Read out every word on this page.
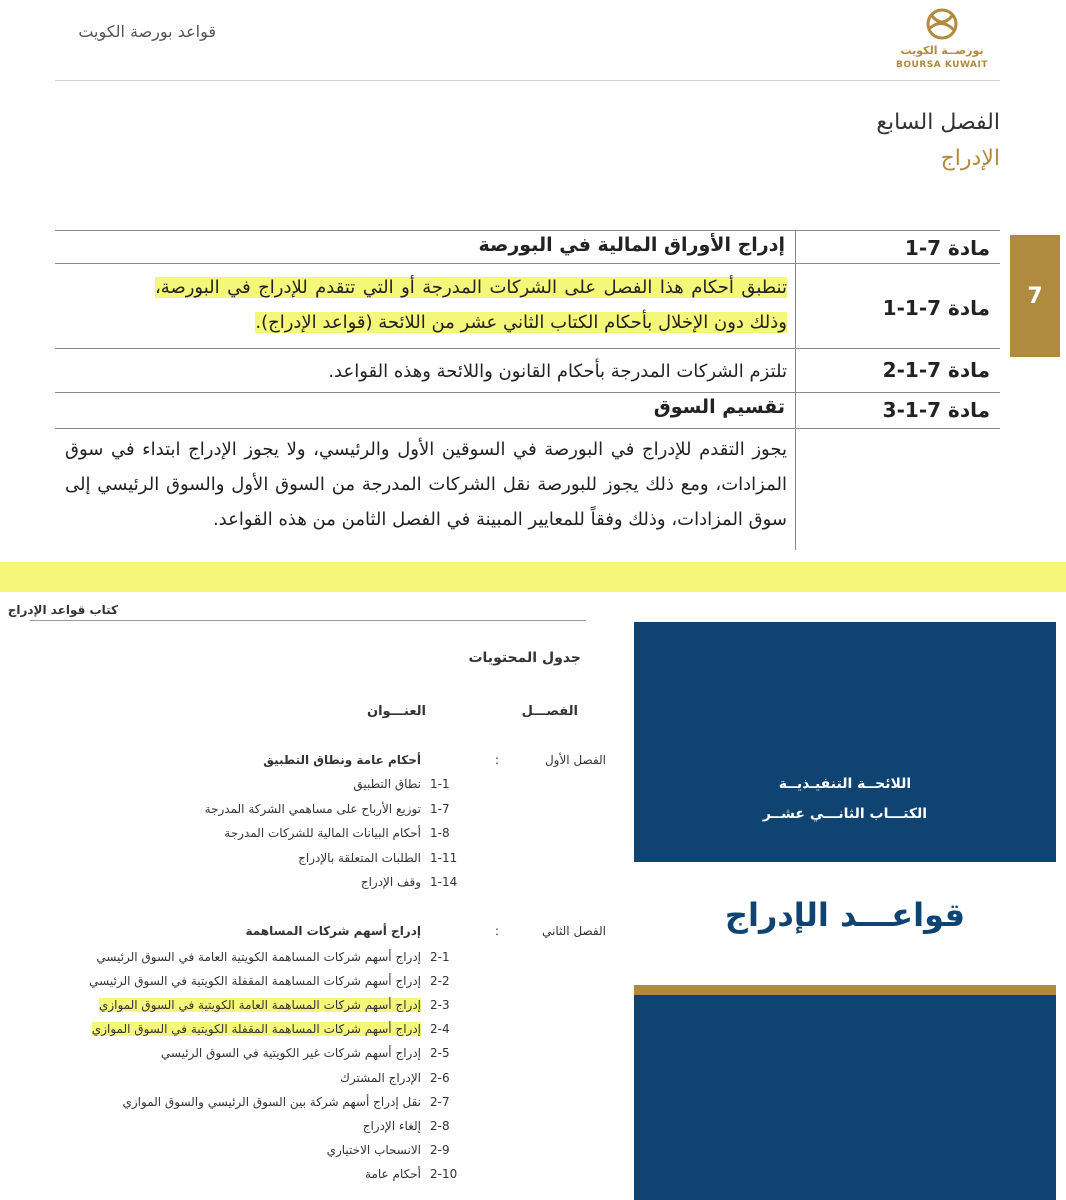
قواعد بورصة الكويت
بورصــة الكويت
BOURSA KUWAIT
الفصل السابع
الإدراج
7
مادة 7-1
إدراج الأوراق المالية في البورصة
مادة 7-1-1
تنطبق أحكام هذا الفصل على الشركات المدرجة أو التي تتقدم للإدراج في البورصة، وذلك دون الإخلال بأحكام الكتاب الثاني عشر من اللائحة (قواعد الإدراج).
مادة 7-1-2
تلتزم الشركات المدرجة بأحكام القانون واللائحة وهذه القواعد.
مادة 7-1-3
تقسيم السوق
يجوز التقدم للإدراج في البورصة في السوقين الأول والرئيسي، ولا يجوز الإدراج ابتداء في سوق المزادات، ومع ذلك يجوز للبورصة نقل الشركات المدرجة من السوق الأول والسوق الرئيسي إلى سوق المزادات، وذلك وفقاً للمعايير المبينة في الفصل الثامن من هذه القواعد.
كتاب قواعد الإدراج
جدول المحتويات
الفصـــل
العنـــوان
الفصل الأول
:
أحكام عامة ونطاق التطبيق
1-1
نطاق التطبيق
1-7
توزيع الأرباح على مساهمي الشركة المدرجة
1-8
أحكام البيانات المالية للشركات المدرجة
1-11
الطلبات المتعلقة بالإدراج
1-14
وقف الإدراج
الفصل الثاني
:
إدراج أسهم شركات المساهمة
2-1
إدراج أسهم شركات المساهمة الكويتية العامة في السوق الرئيسي
2-2
إدراج أسهم شركات المساهمة المقفلة الكويتية في السوق الرئيسي
2-3
إدراج أسهم شركات المساهمة العامة الكويتية في السوق الموازي
2-4
إدراج أسهم شركات المساهمة المقفلة الكويتية في السوق الموازي
2-5
إدراج أسهم شركات غير الكويتية في السوق الرئيسي
2-6
الإدراج المشترك
2-7
نقل إدراج أسهم شركة بين السوق الرئيسي والسوق الموازي
2-8
إلغاء الإدراج
2-9
الانسحاب الاختياري
2-10
أحكام عامة
اللائحــة التنفيـذيــة
الكتـــاب الثانـــي عشــر
قواعـــد الإدراج
